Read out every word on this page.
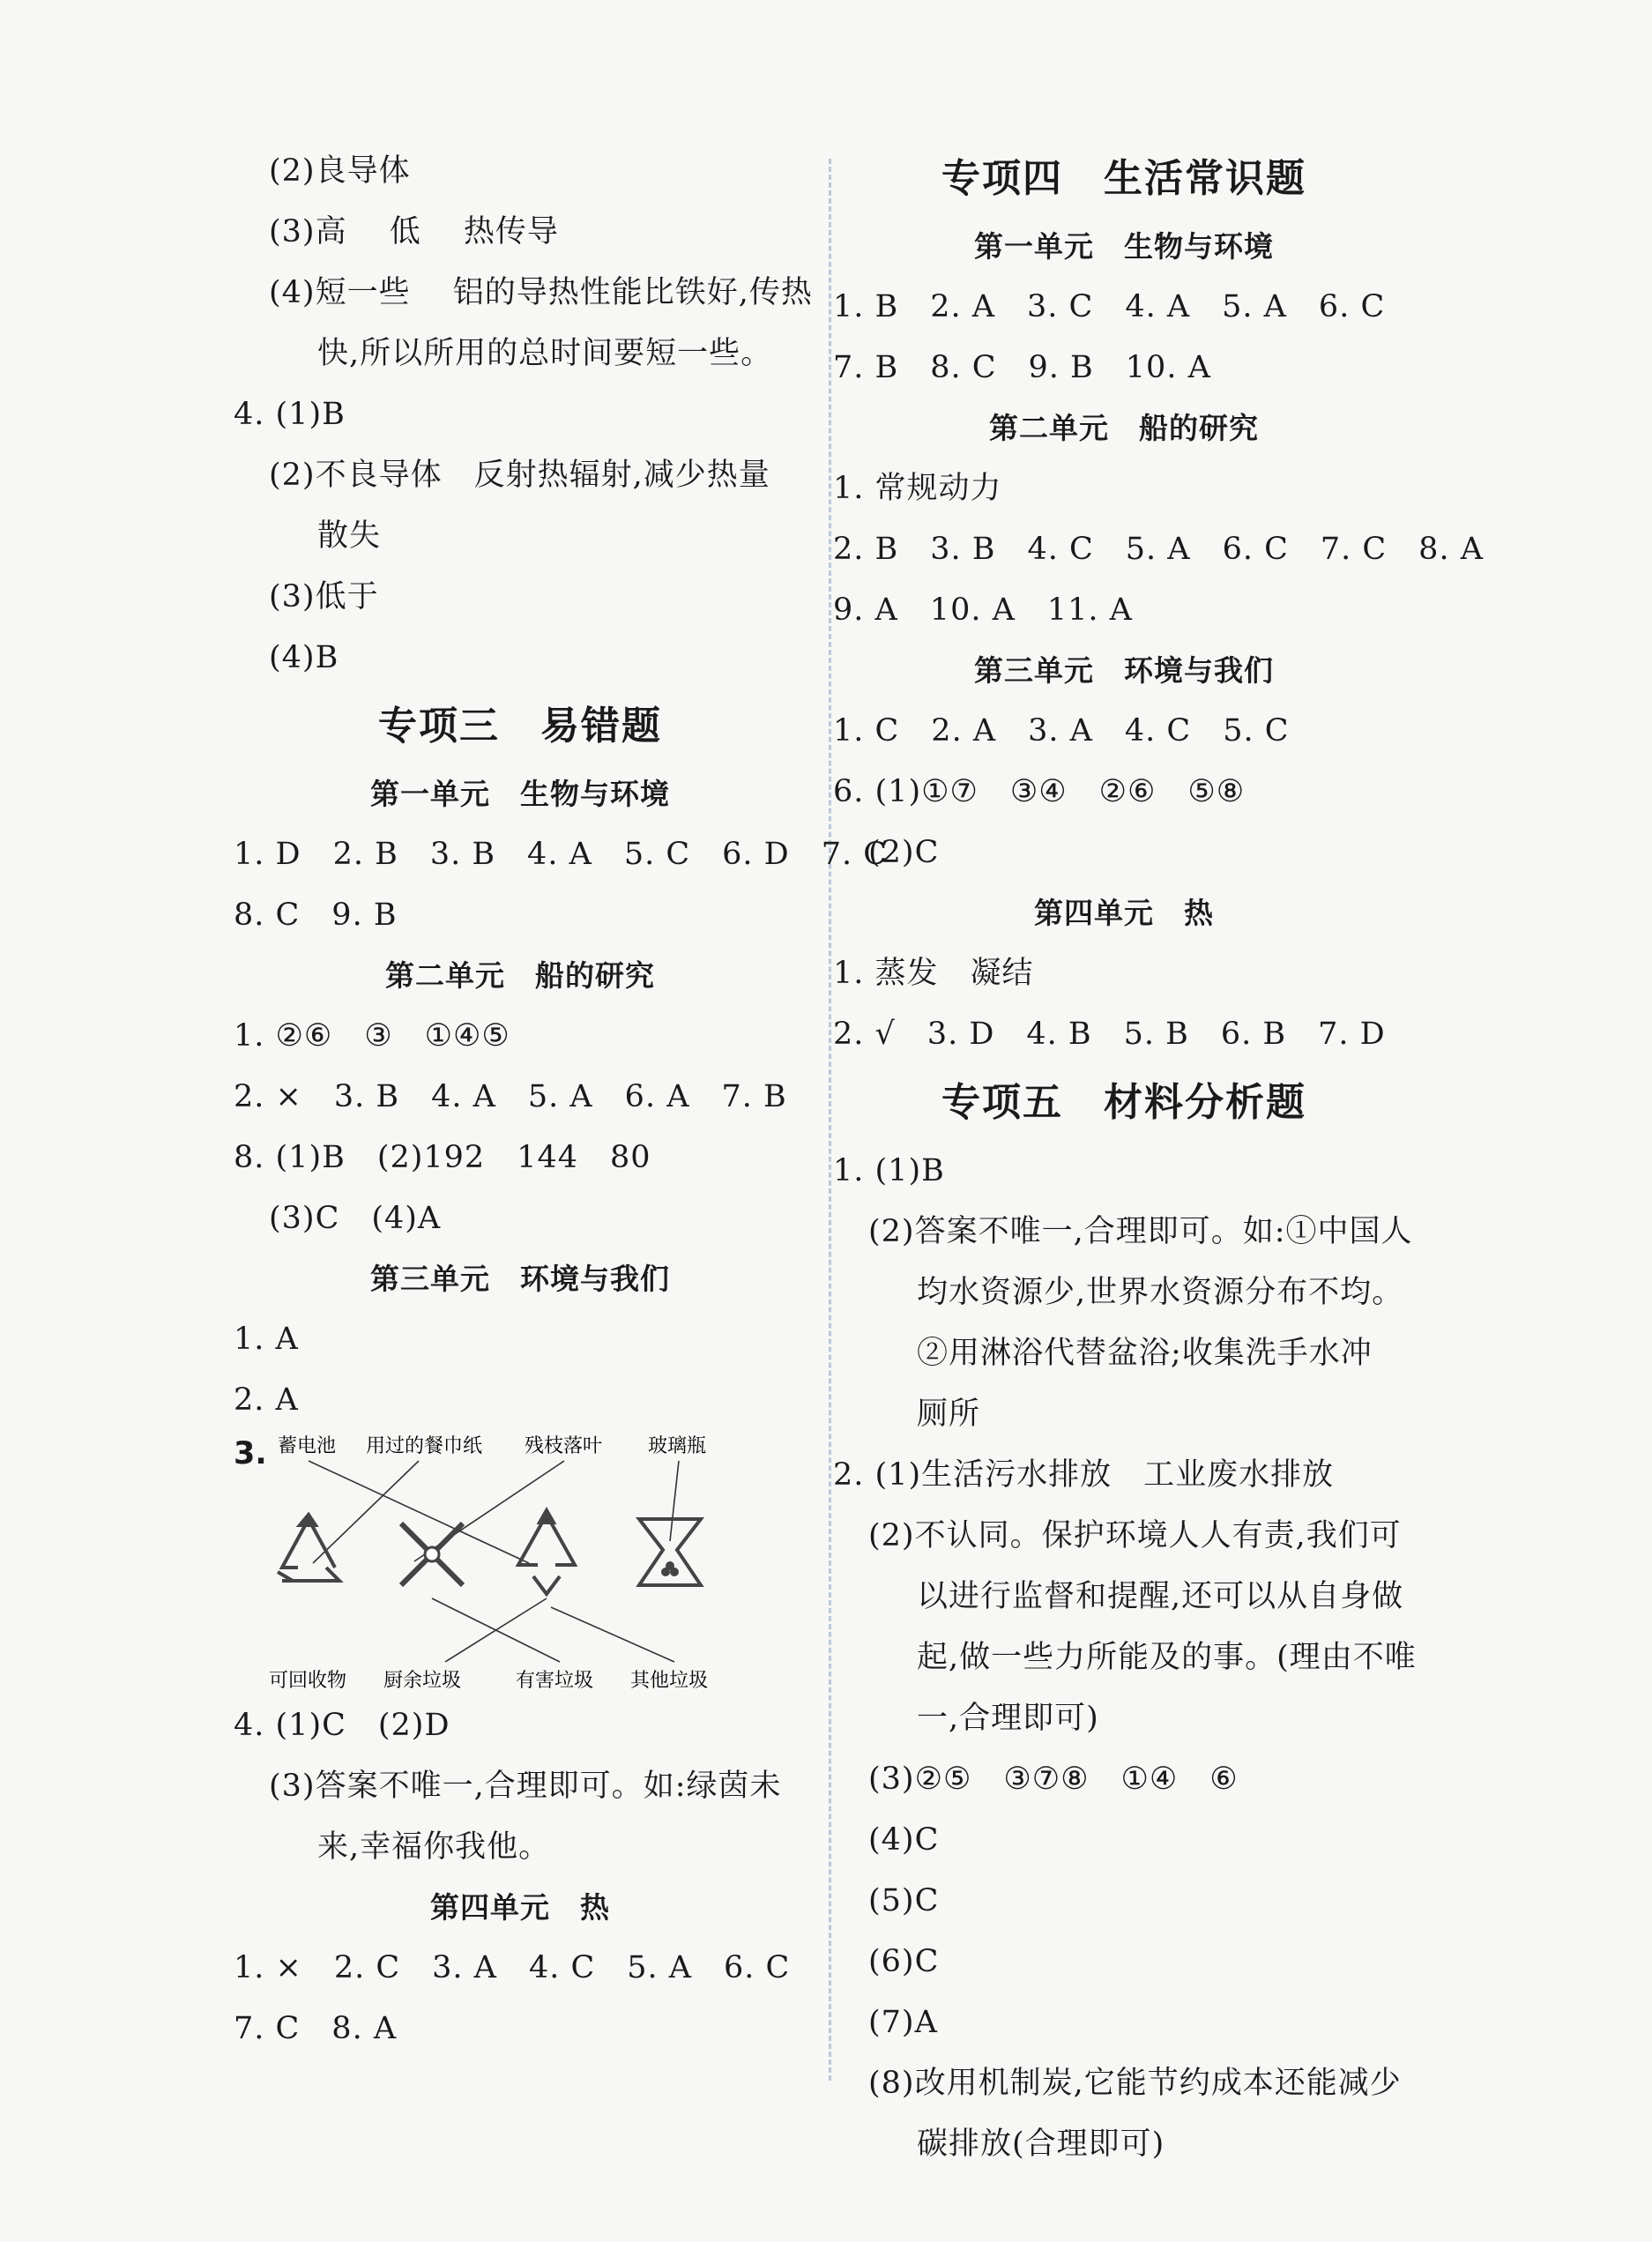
(2)良导体
(3)高　 低　 热传导
(4)短一些　 铝的导热性能比铁好,传热
快,所以所用的总时间要短一些。
4. (1)B
(2)不良导体　反射热辐射,减少热量
散失
(3)低于
(4)B
专项三　易错题
第一单元　生物与环境
1. D　2. B　3. B　4. A　5. C　6. D　7. C
8. C　9. B
第二单元　船的研究
1. ②⑥　③　①④⑤
2. ×　3. B　4. A　5. A　6. A　7. B
8. (1)B　(2)192　144　80
(3)C　(4)A
第三单元　环境与我们
1. A
2. A
3. 蓄电池 用过的餐巾纸 残枝落叶 玻璃瓶
可回收物 厨余垃圾	有害垃圾 其他垃圾
4. (1)C　(2)D
(3)答案不唯一,合理即可。如:绿茵未
来,幸福你我他。
第四单元　热
1. ×　2. C　3. A　4. C　5. A　6. C
7. C　8. A
专项四　生活常识题
第一单元　生物与环境
1. B　2. A　3. C　4. A　5. A　6. C
7. B　8. C　9. B　10. A
第二单元　船的研究
1. 常规动力
2. B　3. B　4. C　5. A　6. C　7. C　8. A
9. A　10. A　11. A
第三单元　环境与我们
1. C　2. A　3. A　4. C　5. C
6. (1)①⑦　③④　②⑥　⑤⑧
(2)C
第四单元　热
1. 蒸发　凝结
2. √　3. D　4. B　5. B　6. B　7. D
专项五　材料分析题
1. (1)B
(2)答案不唯一,合理即可。如:①中国人
均水资源少,世界水资源分布不均。
②用淋浴代替盆浴;收集洗手水冲
厕所
2. (1)生活污水排放　工业废水排放
(2)不认同。保护环境人人有责,我们可
以进行监督和提醒,还可以从自身做
起,做一些力所能及的事。(理由不唯
一,合理即可)
(3)②⑤　③⑦⑧　①④　⑥
(4)C
(5)C
(6)C
(7)A
(8)改用机制炭,它能节约成本还能减少
碳排放(合理即可)
